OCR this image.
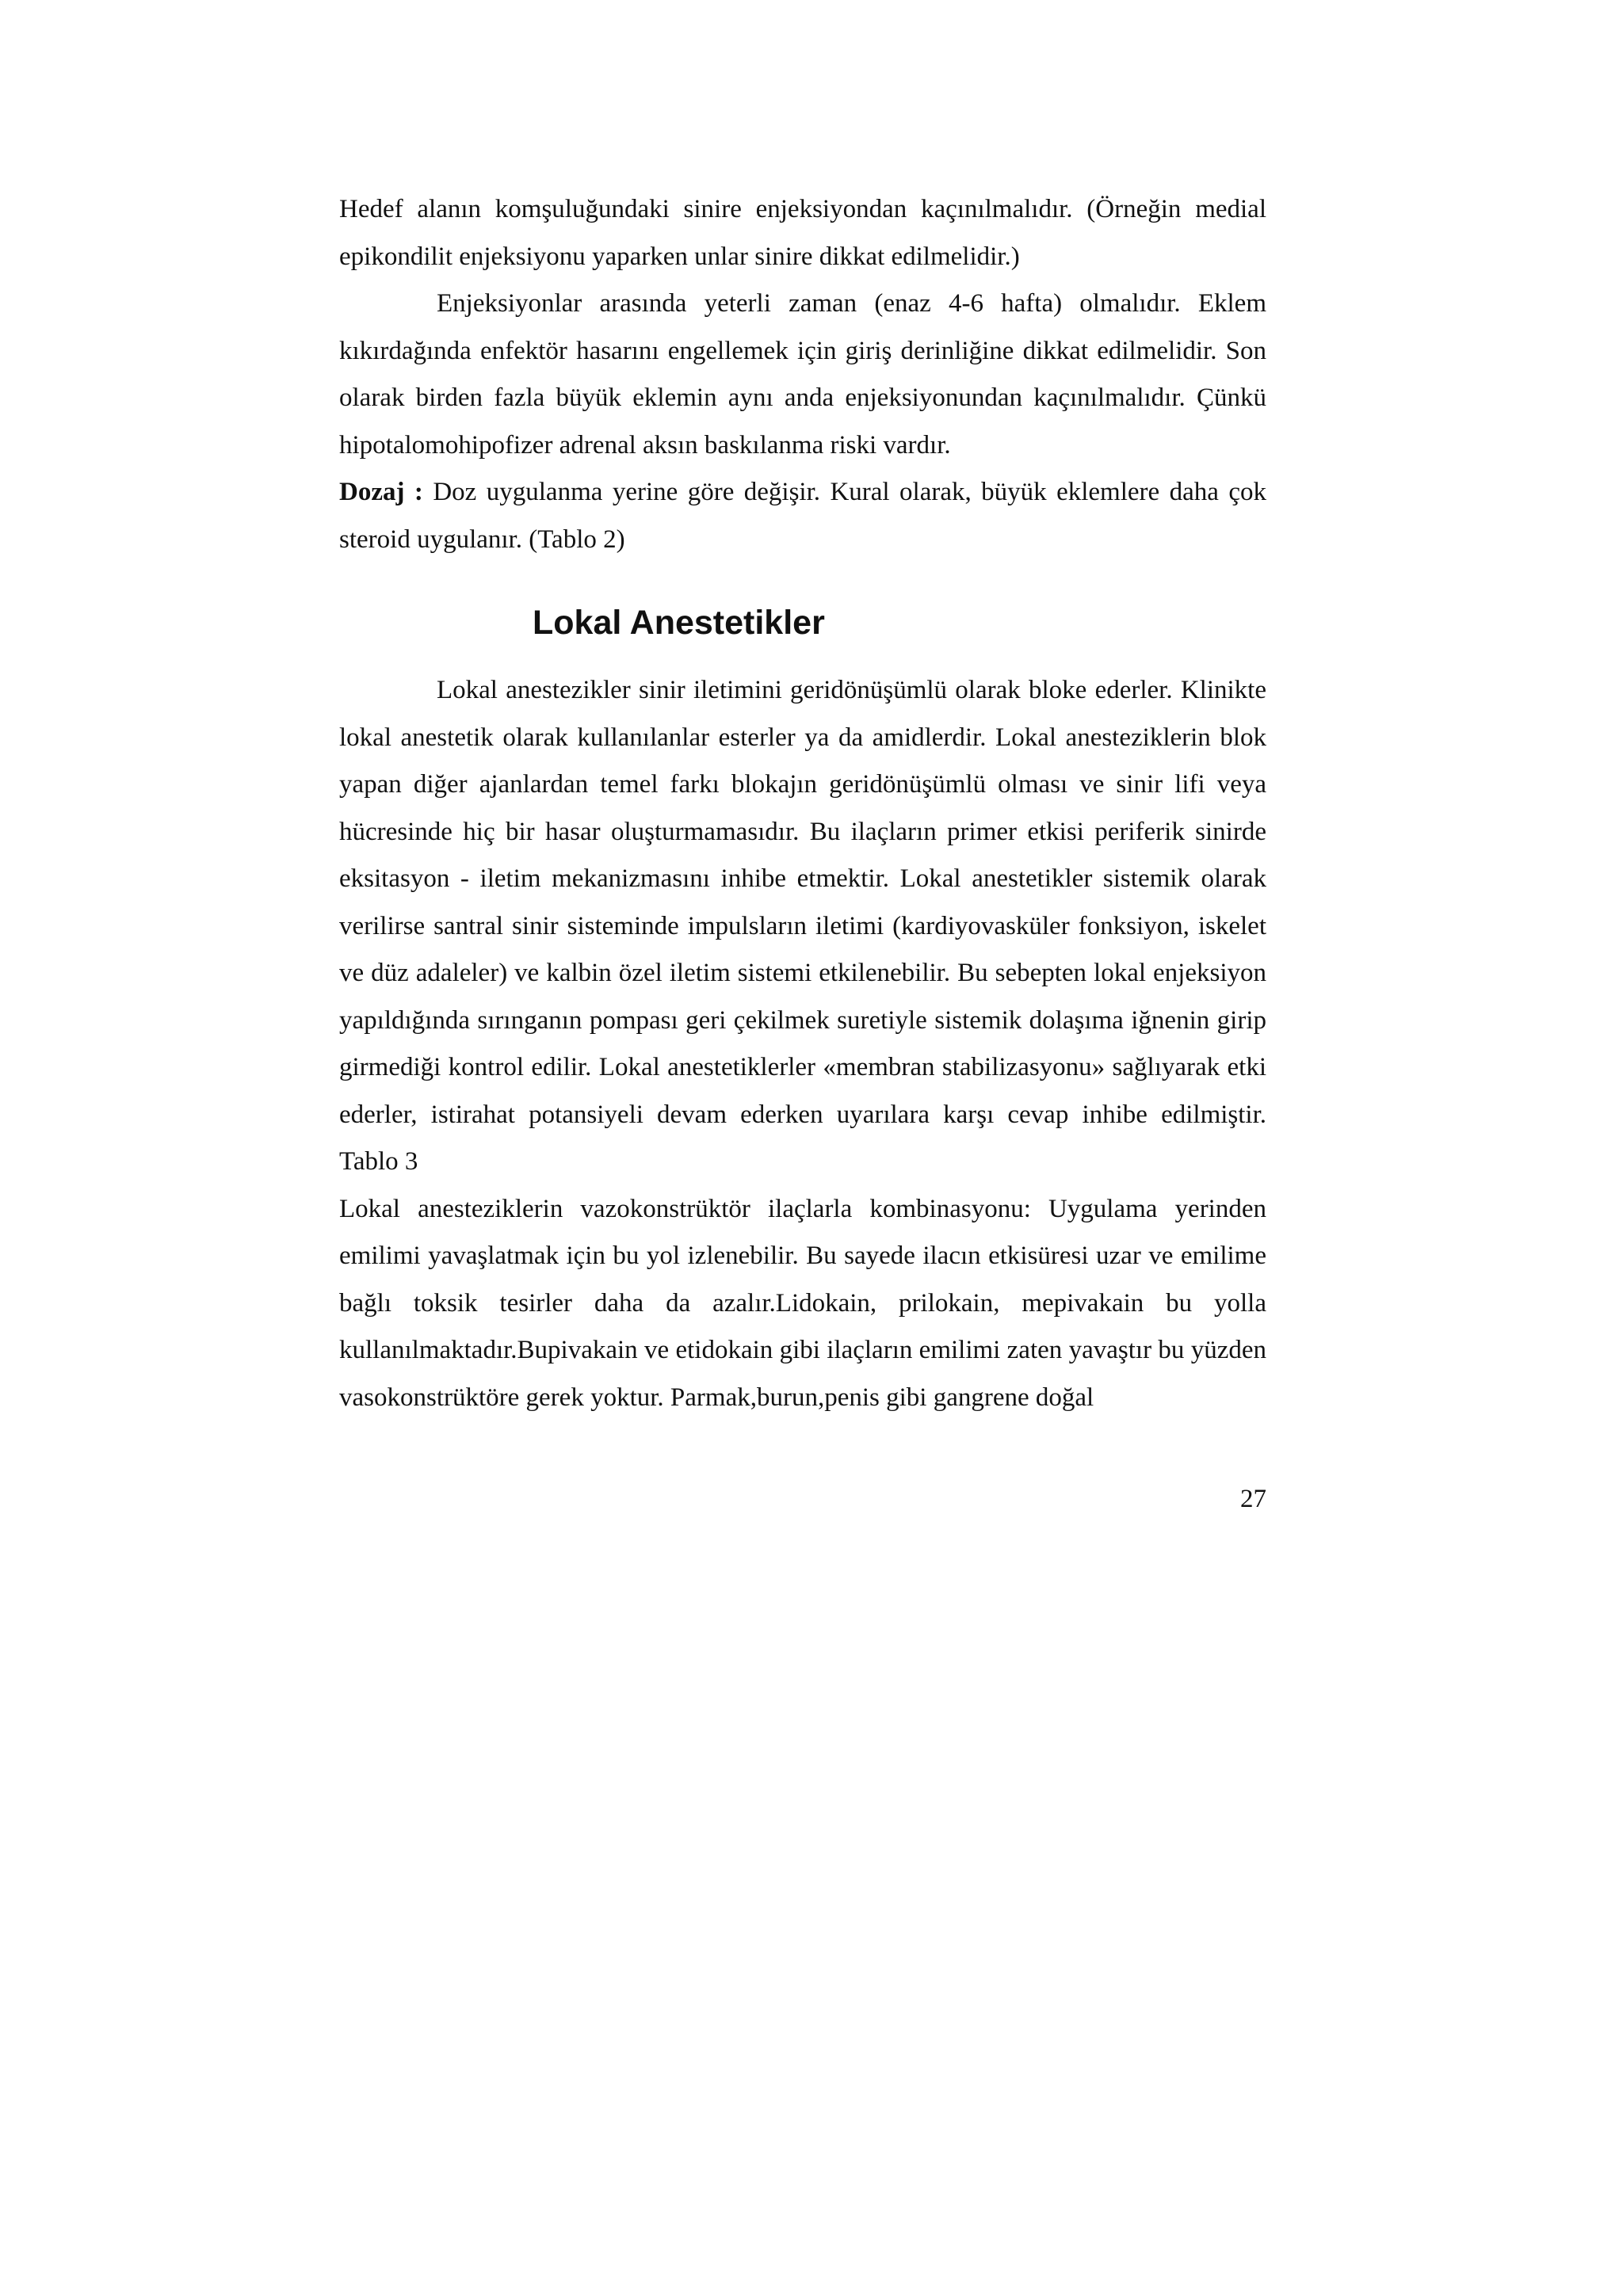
Hedef alanın komşuluğundaki sinire enjeksiyondan kaçınılmalıdır. (Örneğin medial epikondilit enjeksiyonu yaparken unlar sinire dikkat edilmelidir.)

Enjeksiyonlar arasında yeterli zaman (enaz 4-6 hafta) olmalıdır. Eklem kıkırdağında enfektör hasarını engellemek için giriş derinliğine dikkat edilmelidir. Son olarak birden fazla büyük eklemin aynı anda enjeksiyonundan kaçınılmalıdır. Çünkü hipotalomohipofizer adrenal aksın baskılanma riski vardır.

Dozaj : Doz uygulanma yerine göre değişir. Kural olarak, büyük eklemlere daha çok steroid uygulanır. (Tablo 2)

Lokal Anestetikler

Lokal anestezikler sinir iletimini geridönüşümlü olarak bloke ederler. Klinikte lokal anestetik olarak kullanılanlar esterler ya da amidlerdir. Lokal anesteziklerin blok yapan diğer ajanlardan temel farkı blokajın geridönüşümlü olması ve sinir lifi veya hücresinde hiç bir hasar oluşturmamasıdır. Bu ilaçların primer etkisi periferik sinirde eksitasyon - iletim mekanizmasını inhibe etmektir. Lokal anestetikler sistemik olarak verilirse santral sinir sisteminde impulsların iletimi (kardiyovasküler fonksiyon, iskelet ve düz adaleler) ve kalbin özel iletim sistemi etkilenebilir. Bu sebepten lokal enjeksiyon yapıldığında sırınganın pompası geri çekilmek suretiyle sistemik dolaşıma iğnenin girip girmediği kontrol edilir. Lokal anestetiklerler «membran stabilizasyonu» sağlıyarak etki ederler, istirahat potansiyeli devam ederken uyarılara karşı cevap inhibe edilmiştir. Tablo 3

Lokal anesteziklerin vazokonstrüktör ilaçlarla kombinasyonu: Uygulama yerinden emilimi yavaşlatmak için bu yol izlenebilir. Bu sayede ilacın etkisüresi uzar ve emilime bağlı toksik tesirler daha da azalır.Lidokain, prilokain, mepivakain bu yolla kullanılmaktadır.Bupivakain ve etidokain gibi ilaçların emilimi zaten yavaştır bu yüzden vasokonstrüktöre gerek yoktur. Parmak,burun,penis gibi gangrene doğal

27
